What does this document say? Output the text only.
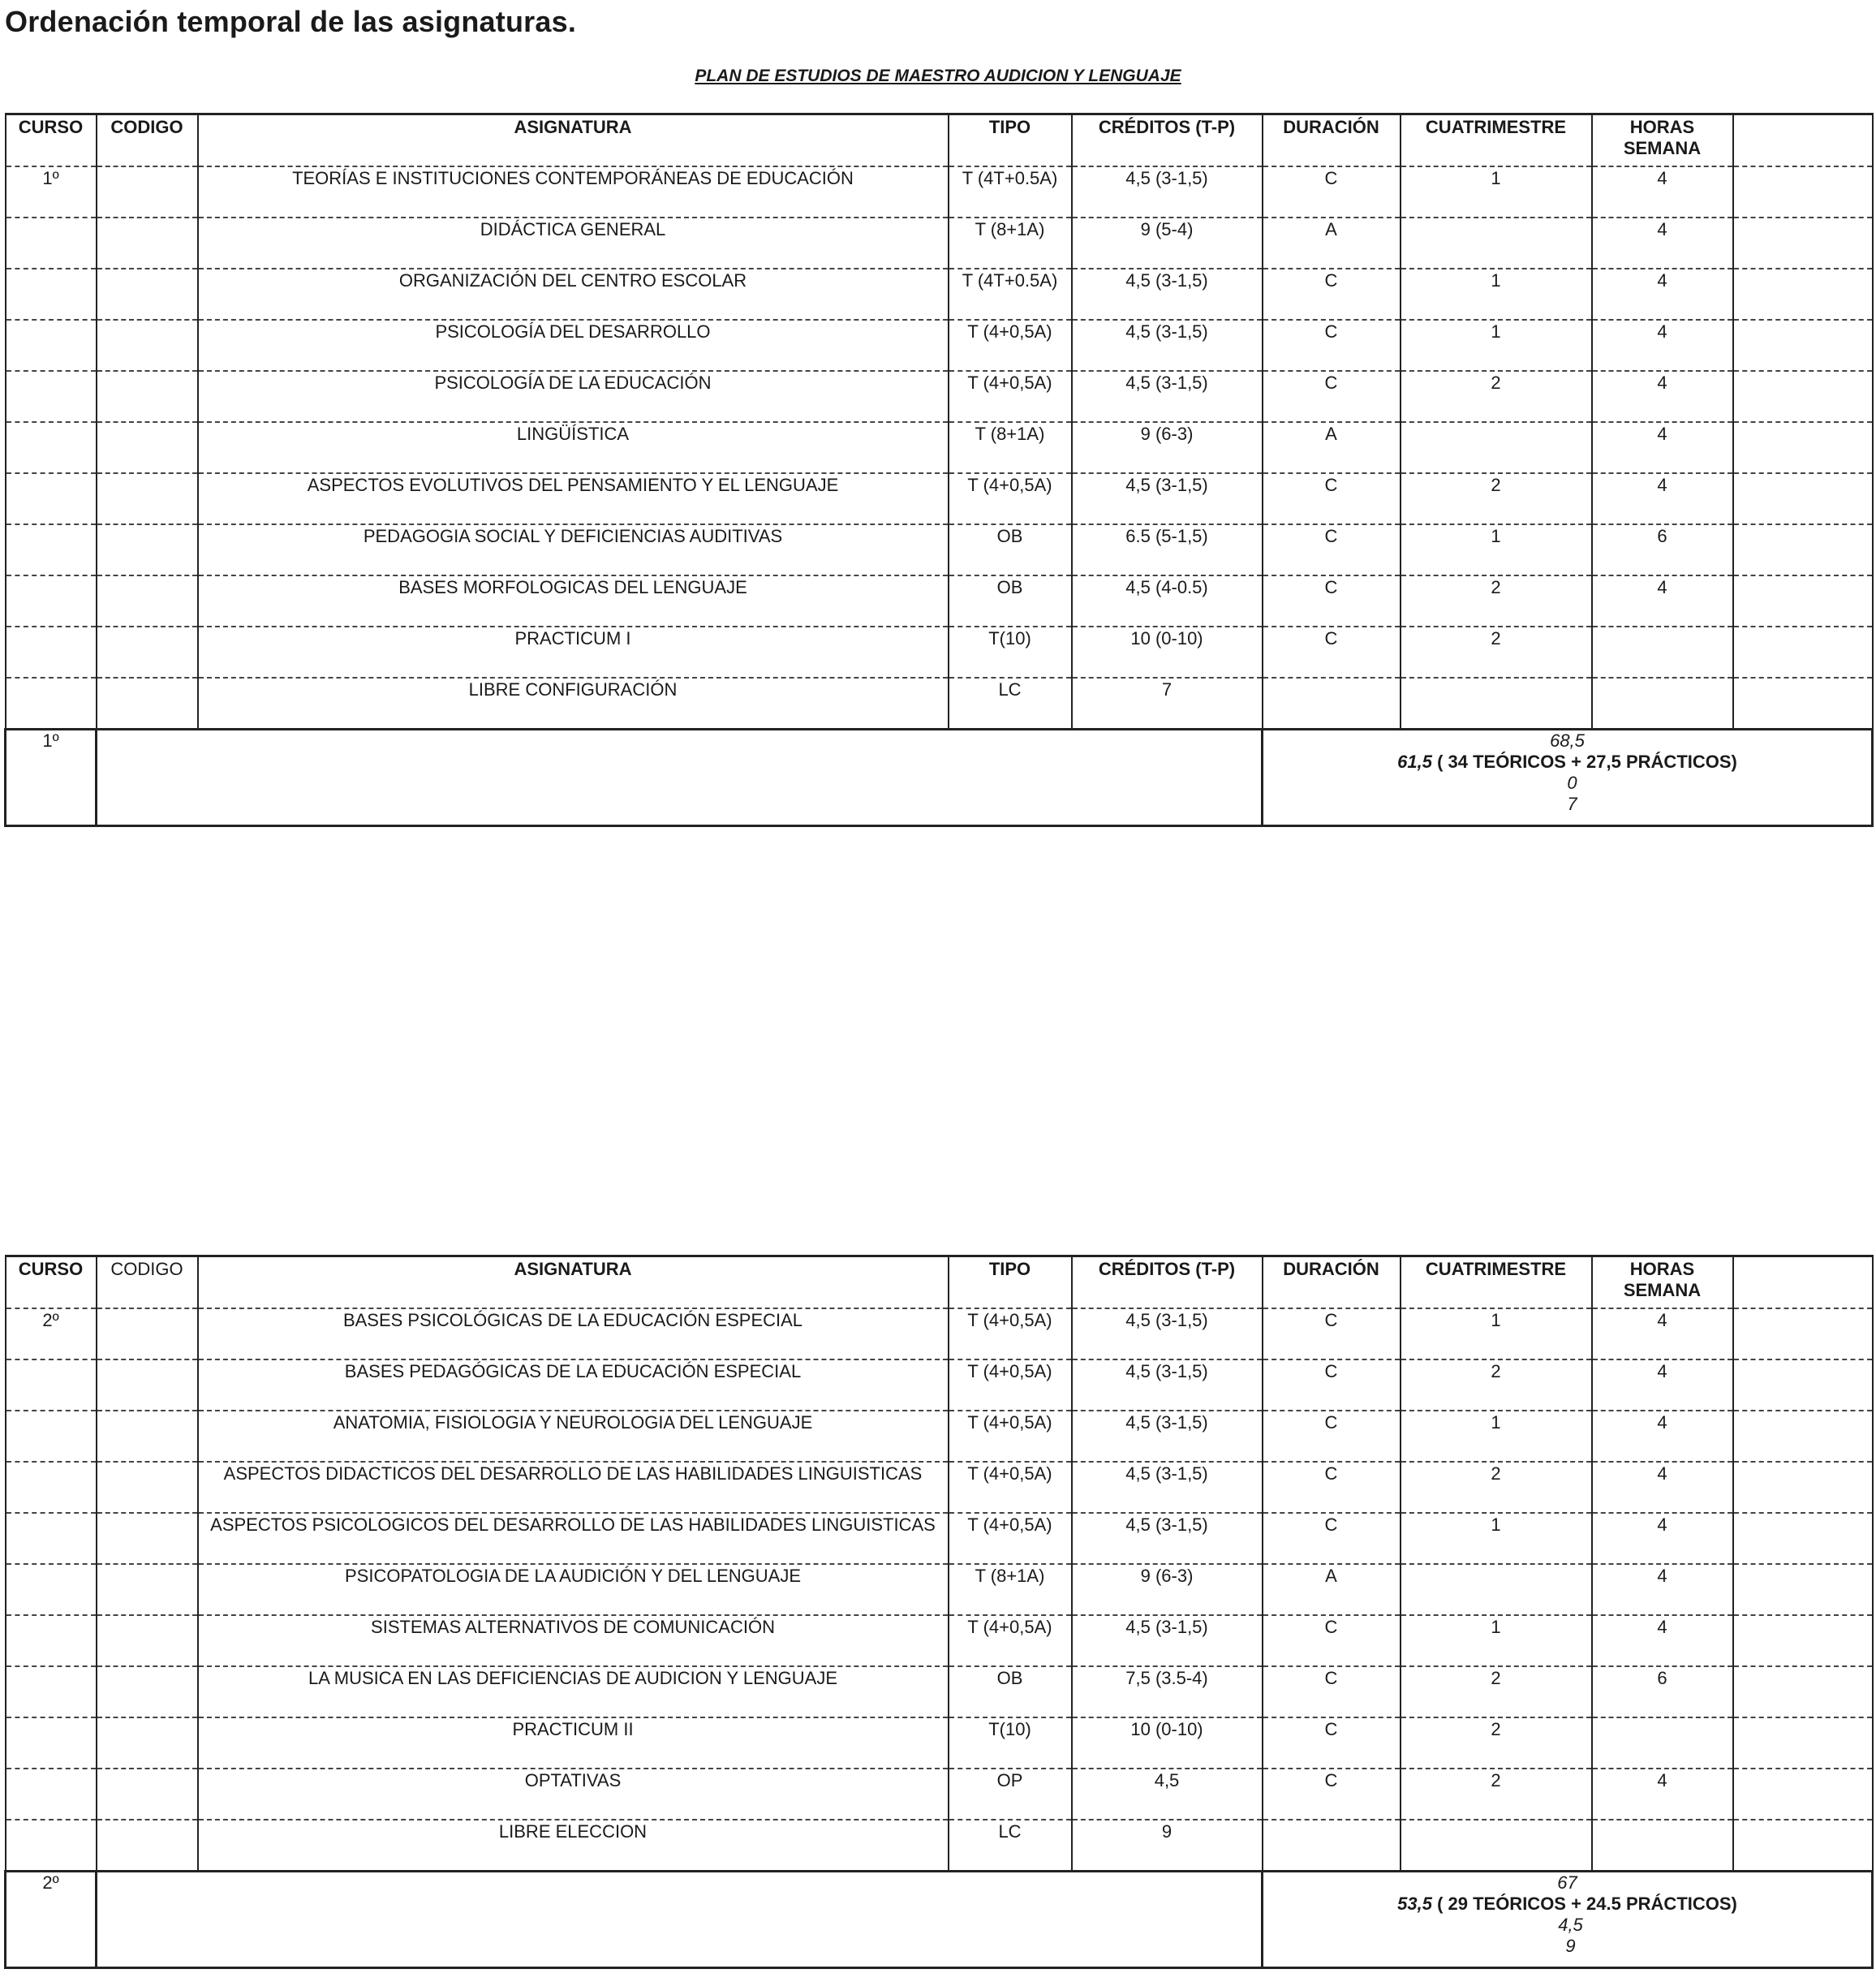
Ordenación temporal de las asignaturas.
PLAN DE ESTUDIOS DE MAESTRO AUDICION Y LENGUAJE
CURSO	CODIGO	ASIGNATURA	TIPO	CRÉDITOS (T-P)	DURACIÓN	CUATRIMESTRE	HORAS SEMANA	
1º		TEORÍAS E INSTITUCIONES CONTEMPORÁNEAS DE EDUCACIÓN	T (4T+0.5A)	4,5 (3-1,5)	C	1	4	
		DIDÁCTICA GENERAL	T (8+1A)	9 (5-4)	A		4	
		ORGANIZACIÓN DEL CENTRO ESCOLAR	T (4T+0.5A)	4,5 (3-1,5)	C	1	4	
		PSICOLOGÍA DEL DESARROLLO	T (4+0,5A)	4,5 (3-1,5)	C	1	4	
		PSICOLOGÍA DE LA EDUCACIÓN	T (4+0,5A)	4,5 (3-1,5)	C	2	4	
		LINGÜÍSTICA	T (8+1A)	9 (6-3)	A		4	
		ASPECTOS EVOLUTIVOS DEL PENSAMIENTO Y EL LENGUAJE	T (4+0,5A)	4,5 (3-1,5)	C	2	4	
		PEDAGOGIA SOCIAL Y DEFICIENCIAS AUDITIVAS	OB	6.5 (5-1,5)	C	1	6	
		BASES MORFOLOGICAS DEL LENGUAJE	OB	4,5 (4-0.5)	C	2	4	
		PRACTICUM I	T(10)	10 (0-10)	C	2		
		LIBRE CONFIGURACIÓN	LC	7				
1º					68,5
61,5 ( 34 TEÓRICOS + 27,5 PRÁCTICOS)
0
7			
CURSO	CODIGO	ASIGNATURA	TIPO	CRÉDITOS (T-P)	DURACIÓN	CUATRIMESTRE	HORAS SEMANA	
2º		BASES PSICOLÓGICAS DE LA EDUCACIÓN ESPECIAL	T (4+0,5A)	4,5 (3-1,5)	C	1	4	
		BASES PEDAGÓGICAS DE LA EDUCACIÓN ESPECIAL	T (4+0,5A)	4,5 (3-1,5)	C	2	4	
		ANATOMIA, FISIOLOGIA Y NEUROLOGIA DEL LENGUAJE	T (4+0,5A)	4,5 (3-1,5)	C	1	4	
		ASPECTOS DIDACTICOS DEL DESARROLLO DE LAS HABILIDADES LINGUISTICAS	T (4+0,5A)	4,5 (3-1,5)	C	2	4	
		ASPECTOS PSICOLOGICOS DEL DESARROLLO DE LAS HABILIDADES LINGUISTICAS	T (4+0,5A)	4,5 (3-1,5)	C	1	4	
		PSICOPATOLOGIA DE LA AUDICIÓN Y DEL LENGUAJE	T (8+1A)	9 (6-3)	A		4	
		SISTEMAS ALTERNATIVOS DE COMUNICACIÓN	T (4+0,5A)	4,5 (3-1,5)	C	1	4	
		LA MUSICA EN LAS DEFICIENCIAS DE AUDICION Y LENGUAJE	OB	7,5 (3.5-4)	C	2	6	
		PRACTICUM II	T(10)	10 (0-10)	C	2		
		OPTATIVAS	OP	4,5	C	2	4	
		LIBRE ELECCION	LC	9				
2º					67
53,5 ( 29 TEÓRICOS + 24.5 PRÁCTICOS)
4,5
9			
